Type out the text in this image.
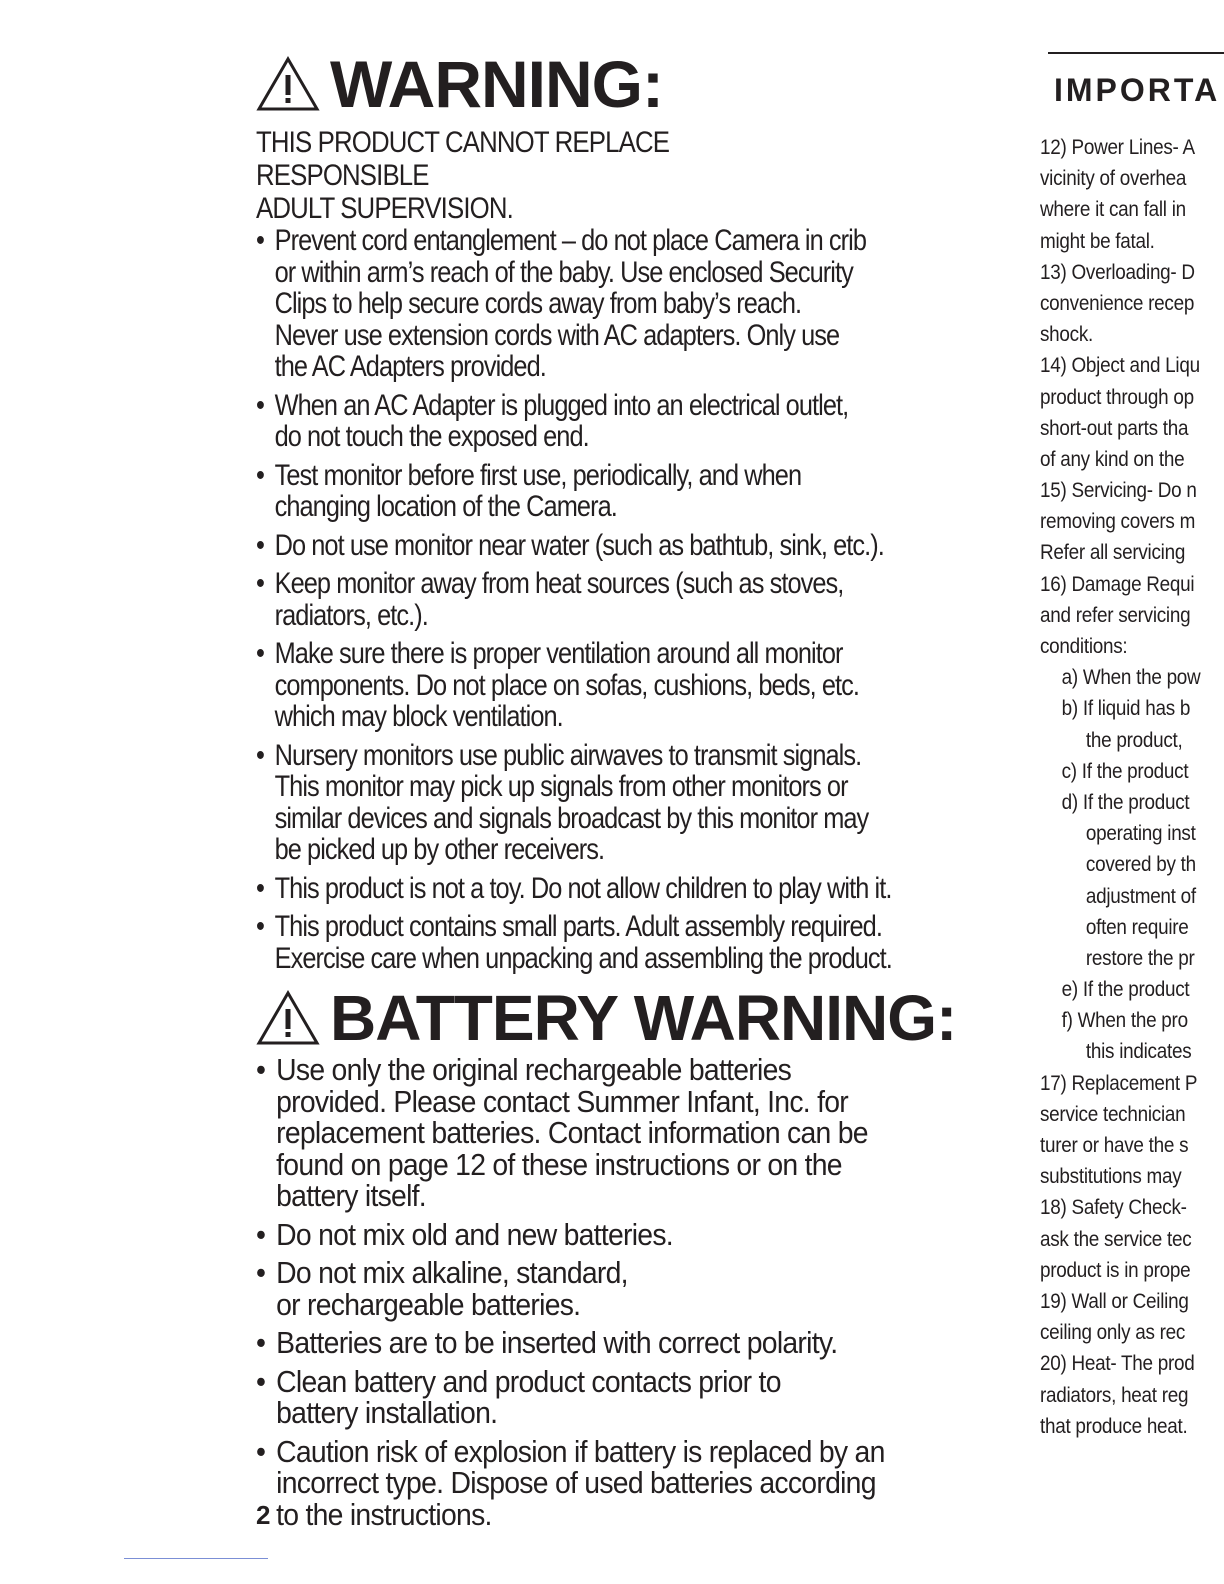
WARNING:
THIS PRODUCT CANNOT REPLACE RESPONSIBLE
ADULT SUPERVISION.
• Prevent cord entanglement – do not place Camera in crib
or within arm’s reach of the baby. Use enclosed Security
Clips to help secure cords away from baby’s reach.
Never use extension cords with AC adapters. Only use
the AC Adapters provided.
• When an AC Adapter is plugged into an electrical outlet,
do not touch the exposed end.
• Test monitor before first use, periodically, and when
changing location of the Camera.
• Do not use monitor near water (such as bathtub, sink, etc.).
• Keep monitor away from heat sources (such as stoves,
radiators, etc.).
• Make sure there is proper ventilation around all monitor
components. Do not place on sofas, cushions, beds, etc.
which may block ventilation.
• Nursery monitors use public airwaves to transmit signals.
This monitor may pick up signals from other monitors or
similar devices and signals broadcast by this monitor may
be picked up by other receivers.
• This product is not a toy. Do not allow children to play with it.
• This product contains small parts. Adult assembly required.
Exercise care when unpacking and assembling the product.
BATTERY WARNING:
• Use only the original rechargeable batteries
provided. Please contact Summer Infant, Inc. for
replacement batteries. Contact information can be
found on page 12 of these instructions or on the
battery itself.
• Do not mix old and new batteries.
• Do not mix alkaline, standard,
or rechargeable batteries.
• Batteries are to be inserted with correct polarity.
• Clean battery and product contacts prior to
battery installation.
• Caution risk of explosion if battery is replaced by an
incorrect type. Dispose of used batteries according
to the instructions.
2
IMPORTA
12) Power Lines- A
vicinity of overhea
where it can fall in
might be fatal.
13) Overloading- D
convenience recep
shock.
14) Object and Liqu
product through op
short-out parts tha
of any kind on the
15) Servicing- Do n
removing covers m
Refer all servicing
16) Damage Requi
and refer servicing
conditions:
a) When the pow
b) If liquid has b
the product,
c) If the product
d) If the product
operating inst
covered by th
adjustment of
often require
restore the pr
e) If the product
f) When the pro
this indicates
17) Replacement P
service technician
turer or have the s
substitutions may
18) Safety Check-
ask the service tec
product is in prope
19) Wall or Ceiling
ceiling only as rec
20) Heat- The prod
radiators, heat reg
that produce heat.
